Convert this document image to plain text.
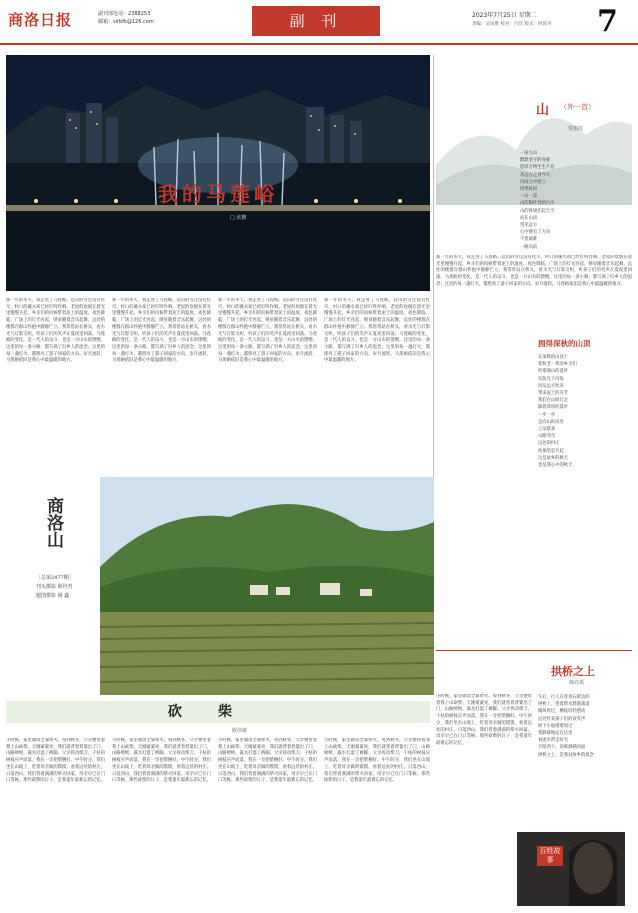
商洛日报	副刊部电话：2388253
邮箱：slrbfk@126.com	副 刊	2023年7月25日 星期二
责编：吴田胜 校对：吕洋 版式：何蓉丹 7
我的马莲峪
□ 张鹏
那一年的冬天，我走进了马莲峪。远山的雪还没有化尽，村口的溪水却已经叮咚作响。老屋的炊烟在晨光里慢慢升起，乡亲们的问候带着泥土的温度。夜色降临，广场上的灯光亮起，喷泉随着音乐起舞，远处的楼群在群山怀抱中静静伫立。我常常站在桥头，看水光与灯影交织，听孩子们的笑声在夏夜里回荡。马莲峪的变化，是一代人的奋斗，也是一方山水的馈赠。这里的每一条小路，都写满了归乡人的思念；这里的每一盏灯火，都照亮了游子回家的方向。岁月流转，马莲峪依旧是我心中最温暖的地方。
那一年的冬天，我走进了马莲峪。远山的雪还没有化尽，村口的溪水却已经叮咚作响。老屋的炊烟在晨光里慢慢升起，乡亲们的问候带着泥土的温度。夜色降临，广场上的灯光亮起，喷泉随着音乐起舞，远处的楼群在群山怀抱中静静伫立。我常常站在桥头，看水光与灯影交织，听孩子们的笑声在夏夜里回荡。马莲峪的变化，是一代人的奋斗，也是一方山水的馈赠。这里的每一条小路，都写满了归乡人的思念；这里的每一盏灯火，都照亮了游子回家的方向。岁月流转，马莲峪依旧是我心中最温暖的地方。
那一年的冬天，我走进了马莲峪。远山的雪还没有化尽，村口的溪水却已经叮咚作响。老屋的炊烟在晨光里慢慢升起，乡亲们的问候带着泥土的温度。夜色降临，广场上的灯光亮起，喷泉随着音乐起舞，远处的楼群在群山怀抱中静静伫立。我常常站在桥头，看水光与灯影交织，听孩子们的笑声在夏夜里回荡。马莲峪的变化，是一代人的奋斗，也是一方山水的馈赠。这里的每一条小路，都写满了归乡人的思念；这里的每一盏灯火，都照亮了游子回家的方向。岁月流转，马莲峪依旧是我心中最温暖的地方。
那一年的冬天，我走进了马莲峪。远山的雪还没有化尽，村口的溪水却已经叮咚作响。老屋的炊烟在晨光里慢慢升起，乡亲们的问候带着泥土的温度。夜色降临，广场上的灯光亮起，喷泉随着音乐起舞，远处的楼群在群山怀抱中静静伫立。我常常站在桥头，看水光与灯影交织，听孩子们的笑声在夏夜里回荡。马莲峪的变化，是一代人的奋斗，也是一方山水的馈赠。这里的每一条小路，都写满了归乡人的思念；这里的每一盏灯火，都照亮了游子回家的方向。岁月流转，马莲峪依旧是我心中最温暖的地方。
那一年的冬天，我走进了马莲峪。远山的雪还没有化尽，村口的溪水却已经叮咚作响。老屋的炊烟在晨光里慢慢升起，乡亲们的问候带着泥土的温度。夜色降临，广场上的灯光亮起，喷泉随着音乐起舞，远处的楼群在群山怀抱中静静伫立。我常常站在桥头，看水光与灯影交织，听孩子们的笑声在夏夜里回荡。马莲峪的变化，是一代人的奋斗，也是一方山水的馈赠。这里的每一条小路，都写满了归乡人的思念；这里的每一盏灯火，都照亮了游子回家的方向。岁月流转，马莲峪依旧是我心中最温暖的地方。
山 （外一首）
党根虎
一座大山
默默坚守的身躯
恩泽万物生生不息
从远古走到今天
风雨之中挺立
四季轮回
一山一景
山的胸怀容纳百川
山的脊梁托起天空
站在山顶
望见远方
心中便有了方向
不畏艰难
一路向前
拥得深秋的山顶
在深秋的山顶上
我和老一辈的乡亲们
听那满山的落叶
在阳光下闪烁
风从远方吹来
带来泥土的芬芳
我们在山间行走
踩着厚厚的落叶
一步一步
走向山的高处
云朵低垂
山路弯弯
远处的村庄
炊烟袅袅升起
这是故乡的秋天
也是我心中的秋天
商洛山
［总第2477期］
刊头摄影 薛世育
题图摄影 杨 鑫
砍柴
陈佳敏
小时候，家里做饭全靠柴火。每到秋冬，父亲便带着我上山砍柴。天刚蒙蒙亮，我们就背着背篓出了门，山路崎岖，露水打湿了裤脚。父亲挥动柴刀，干枯的树枝应声而落，我在一旁把柴捆好。中午时分，我们坐在山坡上，吃着母亲做的馍馍，看着远处的村庄。日落西山，我们背着满满的柴火回家，母亲早已在门口等候。那些砍柴的日子，是我童年最难忘的记忆。
小时候，家里做饭全靠柴火。每到秋冬，父亲便带着我上山砍柴。天刚蒙蒙亮，我们就背着背篓出了门，山路崎岖，露水打湿了裤脚。父亲挥动柴刀，干枯的树枝应声而落，我在一旁把柴捆好。中午时分，我们坐在山坡上，吃着母亲做的馍馍，看着远处的村庄。日落西山，我们背着满满的柴火回家，母亲早已在门口等候。那些砍柴的日子，是我童年最难忘的记忆。
小时候，家里做饭全靠柴火。每到秋冬，父亲便带着我上山砍柴。天刚蒙蒙亮，我们就背着背篓出了门，山路崎岖，露水打湿了裤脚。父亲挥动柴刀，干枯的树枝应声而落，我在一旁把柴捆好。中午时分，我们坐在山坡上，吃着母亲做的馍馍，看着远处的村庄。日落西山，我们背着满满的柴火回家，母亲早已在门口等候。那些砍柴的日子，是我童年最难忘的记忆。
小时候，家里做饭全靠柴火。每到秋冬，父亲便带着我上山砍柴。天刚蒙蒙亮，我们就背着背篓出了门，山路崎岖，露水打湿了裤脚。父亲挥动柴刀，干枯的树枝应声而落，我在一旁把柴捆好。中午时分，我们坐在山坡上，吃着母亲做的馍馍，看着远处的村庄。日落西山，我们背着满满的柴火回家，母亲早已在门口等候。那些砍柴的日子，是我童年最难忘的记忆。
拱桥之上
韩亦菱
午后，行人在青青石阶边的
拱桥上，望着碧水悠悠荡漾
微风吹过，柳枝轻轻摆动
远处传来孩子们的欢笑声
桥下小船缓缓划过
我静静地站在这里
看流水带走时光
夕阳西下，余晖洒满河面
拱桥之上，是我对故乡的思念
小时候，家里做饭全靠柴火。每到秋冬，父亲便带着我上山砍柴。天刚蒙蒙亮，我们就背着背篓出了门，山路崎岖，露水打湿了裤脚。父亲挥动柴刀，干枯的树枝应声而落，我在一旁把柴捆好。中午时分，我们坐在山坡上，吃着母亲做的馍馍，看着远处的村庄。日落西山，我们背着满满的柴火回家，母亲早已在门口等候。那些砍柴的日子，是我童年最难忘的记忆。
百姓故事
